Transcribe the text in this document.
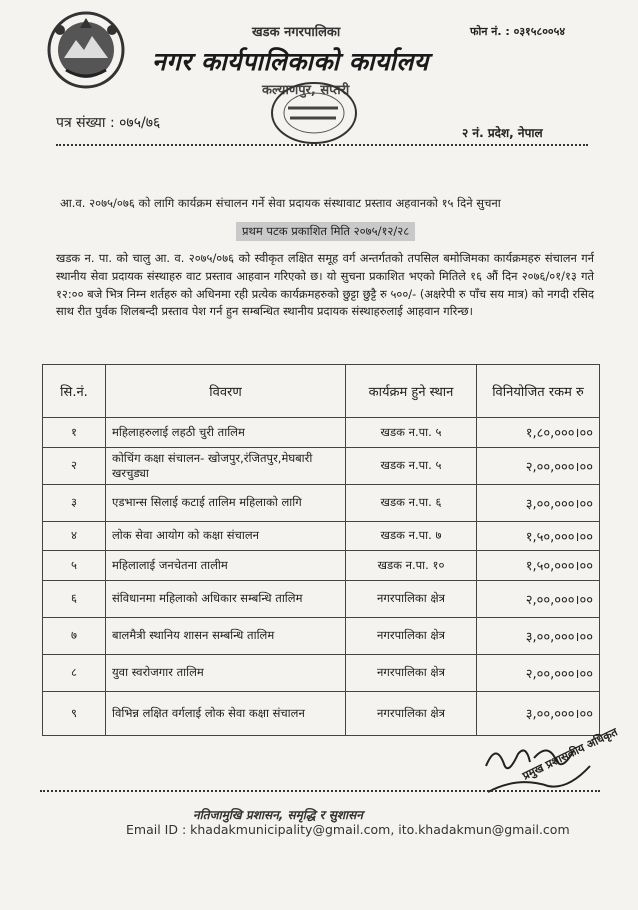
फोन नं. : ०३१५८००५४
खडक नगरपालिका
नगर कार्यपालिकाको कार्यालय
कल्याणपुर, सप्तरी
पत्र संख्या : ०७५/७६
२ नं. प्रदेश, नेपाल
आ.व. २०७५/०७६ को लागि कार्यक्रम संचालन गर्ने सेवा प्रदायक संस्थावाट प्रस्ताव अहवानको १५ दिने सुचना
प्रथम पटक प्रकाशित मिति २०७५/१२/२८
खडक न. पा. को चालु आ. व. २०७५/०७६ को स्वीकृत लक्षित समूह वर्ग अन्तर्गतको तपसिल बमोजिमका कार्यक्रमहरु संचालन गर्न स्थानीय सेवा प्रदायक संस्थाहरु वाट प्रस्ताव आहवान गरिएको छ। यो सुचना प्रकाशित भएको मितिले १६ औं दिन २०७६/०१/१३ गते १२:०० बजे भित्र निम्न शर्तहरु को अधिनमा रही प्रत्येक कार्यक्रमहरुको छुट्टा छुट्टै रु ५००/- (अक्षरेपी रु पाँच सय मात्र) को नगदी रसिद साथ रीत पुर्वक शिलबन्दी प्रस्ताव पेश गर्न हुन सम्बन्धित स्थानीय प्रदायक संस्थाहरुलाई आहवान गरिन्छ।
सि.नं.	विवरण	कार्यक्रम हुने स्थान	विनियोजित रकम रु
१	महिलाहरुलाई लहठी चुरी तालिम	खडक न.पा. ५	१,८०,०००।००
२	कोचिंग कक्षा संचालन- खोजपुर,रंजितपुर,मेघबारी खरचुड्या	खडक न.पा. ५	२,००,०००।००
३	एडभान्स सिलाई कटाई तालिम महिलाको लागि	खडक न.पा. ६	३,००,०००।००
४	लोक सेवा आयोग को कक्षा संचालन	खडक न.पा. ७	१,५०,०००।००
५	महिलालाई जनचेतना तालीम	खडक न.पा. १०	१,५०,०००।००
६	संविधानमा महिलाको अधिकार सम्बन्धि तालिम	नगरपालिका क्षेत्र	२,००,०००।००
७	बालमैत्री स्थानिय शासन सम्बन्धि तालिम	नगरपालिका क्षेत्र	३,००,०००।००
८	युवा स्वरोजगार तालिम	नगरपालिका क्षेत्र	२,००,०००।००
९	विभिन्न लक्षित वर्गलाई लोक सेवा कक्षा संचालन	नगरपालिका क्षेत्र	३,००,०००।००
प्रमुख प्रशासकीय अधिकृत
नतिजामुखि प्रशासन, समृद्धि र सुशासन
Email ID : khadakmunicipality@gmail.com, ito.khadakmun@gmail.com
